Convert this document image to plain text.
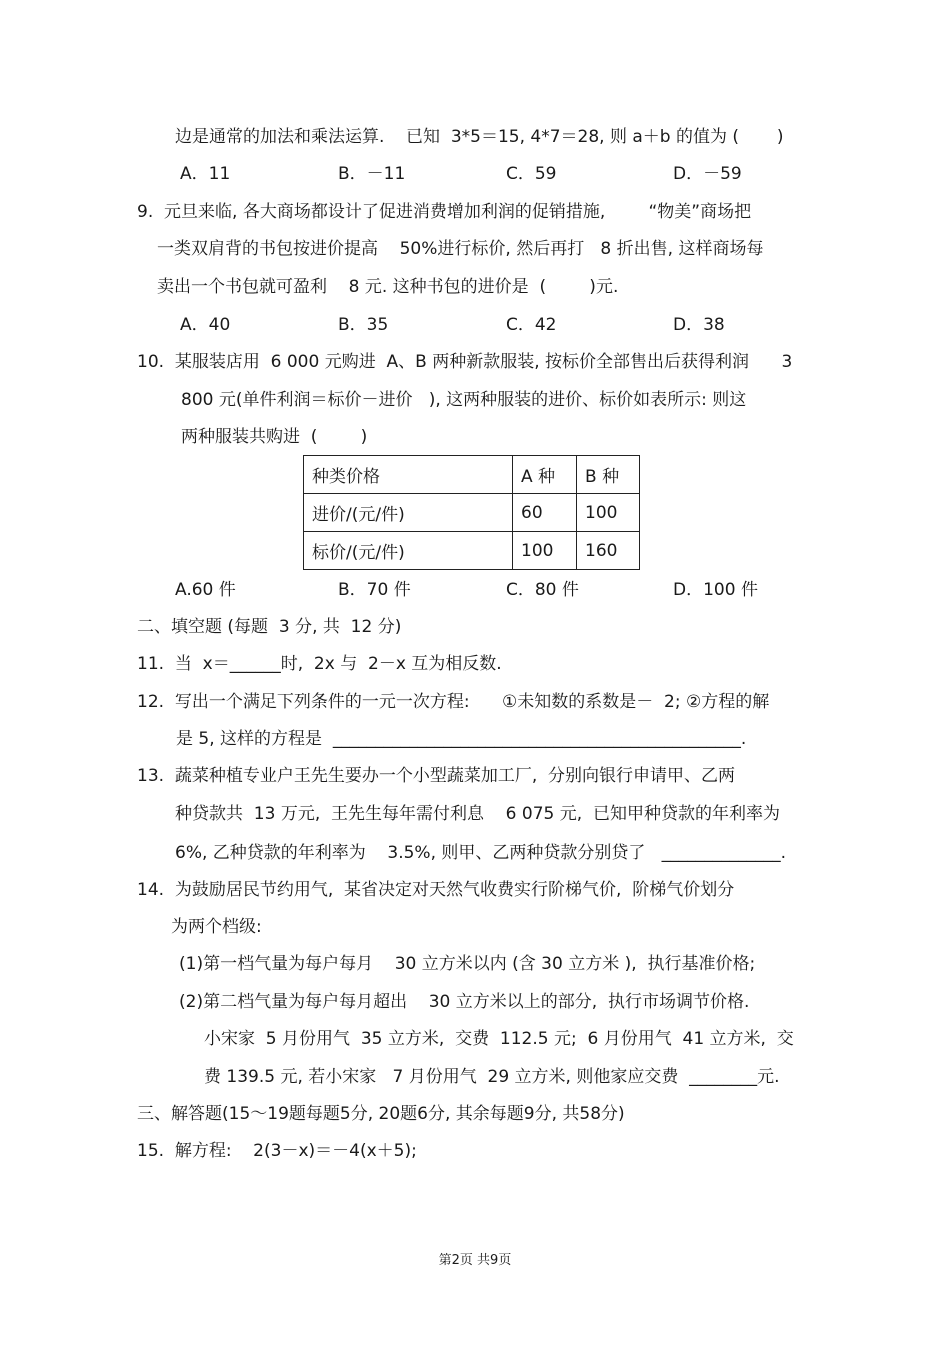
边是通常的加法和乘法运算.    已知  3*5＝15, 4*7＝28, 则 a＋b 的值为 (       )
A．11	B．－11	C．59	D．－59
9.  元旦来临, 各大商场都设计了促进消费增加利润的促销措施,        “物美”商场把
一类双肩背的书包按进价提高    50%进行标价, 然后再打   8 折出售, 这样商场每
卖出一个书包就可盈利    8 元. 这种书包的进价是  (        )元.
A．40	B．35	C．42	D．38
10.  某服装店用  6 000 元购进  A、B 两种新款服装, 按标价全部售出后获得利润      3
800 元(单件利润＝标价－进价   ), 这两种服装的进价、标价如表所示: 则这
两种服装共购进  (        )
种类价格	A 种	B 种
进价/(元/件)	60	100
标价/(元/件)	100	160
A.60 件	B．70 件	C．80 件	D．100 件
二、填空题 (每题  3 分, 共  12 分)
11.  当  x＝______时,  2x 与  2－x 互为相反数.
12.  写出一个满足下列条件的一元一次方程:      ①未知数的系数是－  2; ②方程的解
是 5, 这样的方程是  ________________________________________________.
13.  蔬菜种植专业户王先生要办一个小型蔬菜加工厂,  分别向银行申请甲、乙两
种贷款共  13 万元,  王先生每年需付利息    6 075 元,  已知甲种贷款的年利率为
6%, 乙种贷款的年利率为    3.5%, 则甲、乙两种贷款分别贷了   ______________.
14.  为鼓励居民节约用气,  某省决定对天然气收费实行阶梯气价,  阶梯气价划分
为两个档级:
(1)第一档气量为每户每月    30 立方米以内 (含 30 立方米 ),  执行基准价格;
(2)第二档气量为每户每月超出    30 立方米以上的部分,  执行市场调节价格.
小宋家  5 月份用气  35 立方米,  交费  112.5 元;  6 月份用气  41 立方米,  交
费 139.5 元, 若小宋家   7 月份用气  29 立方米, 则他家应交费  ________元.
三、解答题(15～19题每题5分, 20题6分, 其余每题9分, 共58分)
15.  解方程:    2(3－x)＝－4(x＋5);
第2页 共9页
